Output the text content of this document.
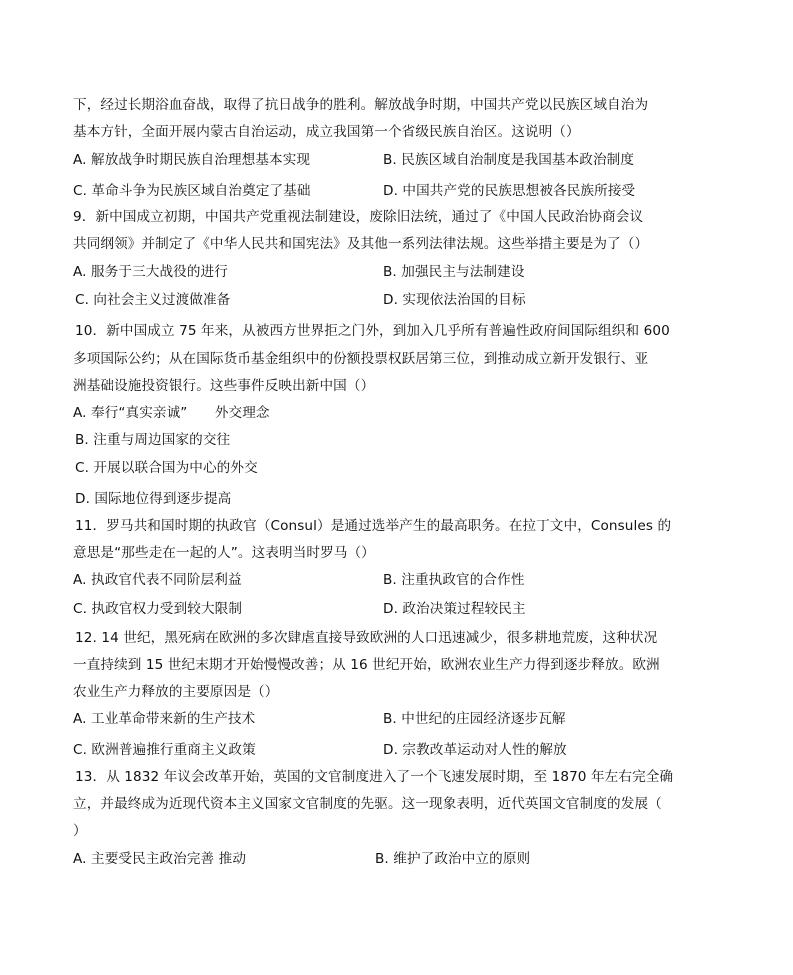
下，经过长期浴血奋战，取得了抗日战争的胜利。解放战争时期，中国共产党以民族区域自治为
基本方针，全面开展内蒙古自治运动，成立我国第一个省级民族自治区。这说明（）
A. 解放战争时期民族自治理想基本实现	B. 民族区域自治制度是我国基本政治制度
C. 革命斗争为民族区域自治奠定了基础	D. 中国共产党的民族思想被各民族所接受
9．新中国成立初期，中国共产党重视法制建设，废除旧法统，通过了《中国人民政治协商会议
共同纲领》并制定了《中华人民共和国宪法》及其他一系列法律法规。这些举措主要是为了（）
A. 服务于三大战役的进行	B. 加强民主与法制建设
C. 向社会主义过渡做准备	D. 实现依法治国的目标
10．新中国成立 75 年来，从被西方世界拒之门外，到加入几乎所有普遍性政府间国际组织和 600
多项国际公约；从在国际货币基金组织中的份额投票权跃居第三位，到推动成立新开发银行、亚
洲基础设施投资银行。这些事件反映出新中国（）
A. 奉行“真实亲诚”　　外交理念
B. 注重与周边国家的交往
C. 开展以联合国为中心的外交
D. 国际地位得到逐步提高
11．罗马共和国时期的执政官（Consul）是通过选举产生的最高职务。在拉丁文中，Consules 的
意思是“那些走在一起的人”。这表明当时罗马（）
A. 执政官代表不同阶层利益	B. 注重执政官的合作性
C. 执政官权力受到较大限制	D. 政治决策过程较民主
12. 14 世纪，黑死病在欧洲的多次肆虐直接导致欧洲的人口迅速减少，很多耕地荒废，这种状况
一直持续到 15 世纪末期才开始慢慢改善；从 16 世纪开始，欧洲农业生产力得到逐步释放。欧洲
农业生产力释放的主要原因是（）
A. 工业革命带来新的生产技术	B. 中世纪的庄园经济逐步瓦解
C. 欧洲普遍推行重商主义政策	D. 宗教改革运动对人性的解放
13．从 1832 年议会改革开始，英国的文官制度进入了一个飞速发展时期，至 1870 年左右完全确
立，并最终成为近现代资本主义国家文官制度的先驱。这一现象表明，近代英国文官制度的发展（
）
A. 主要受民主政治完善 推动	B. 维护了政治中立的原则
